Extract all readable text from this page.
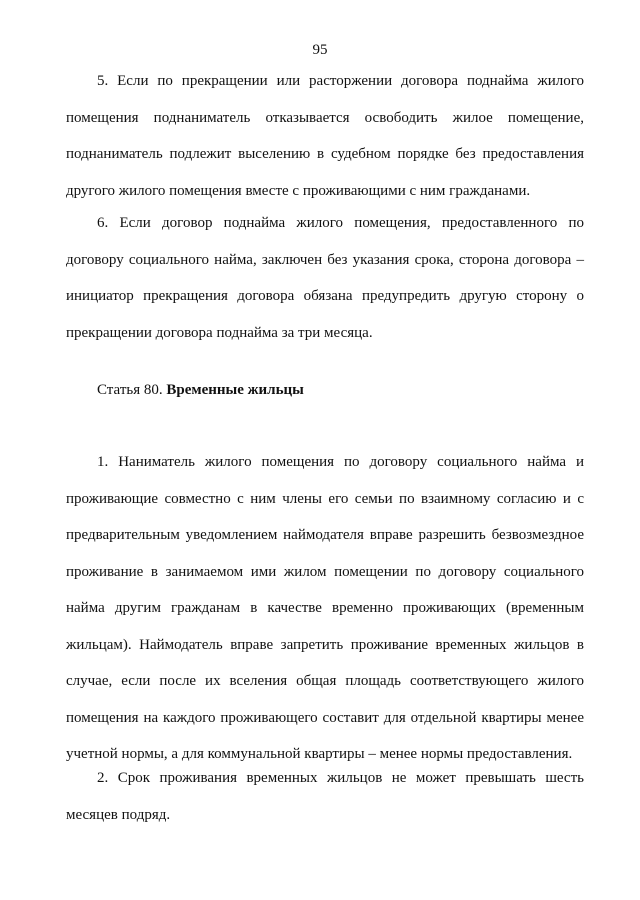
95
5. Если по прекращении или расторжении договора поднайма жилого
помещения поднаниматель отказывается освободить жилое помещение,
поднаниматель подлежит выселению в судебном порядке без предоставления
другого жилого помещения вместе с проживающими с ним гражданами.
6. Если договор поднайма жилого помещения, предоставленного по
договору социального найма, заключен без указания срока, сторона договора –
инициатор прекращения договора обязана предупредить другую сторону о
прекращении договора поднайма за три месяца.
Статья 80. Временные жильцы
1. Наниматель жилого помещения по договору социального найма и
проживающие совместно с ним члены его семьи по взаимному согласию и с
предварительным уведомлением наймодателя вправе разрешить безвозмездное
проживание в занимаемом ими жилом помещении по договору социального
найма другим гражданам в качестве временно проживающих (временным
жильцам). Наймодатель вправе запретить проживание временных жильцов в
случае, если после их вселения общая площадь соответствующего жилого
помещения на каждого проживающего составит для отдельной квартиры менее
учетной нормы, а для коммунальной квартиры – менее нормы предоставления.
2. Срок проживания временных жильцов не может превышать шесть
месяцев подряд.
